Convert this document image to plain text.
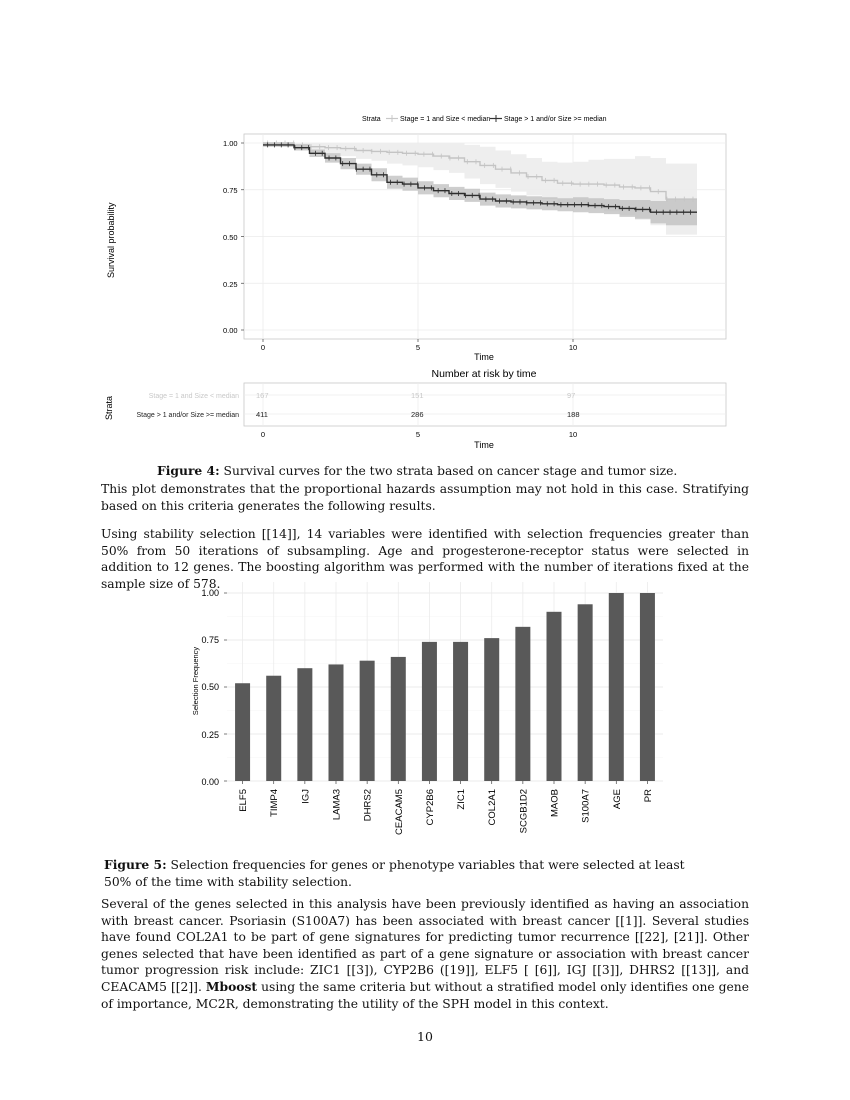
Strata	Stage = 1 and Size < median Stage > 1 and/or Size >= median
1.00
0.75
0.50
0.25
0.00
Survival probability
0	5	10
Time
Number at risk by time
Strata	Stage = 1 and Size < median
Stage > 1 and/or Size >= median
167	151	97
411	286	188
0	5	10
Time
Figure 4: Survival curves for the two strata based on cancer stage and tumor size.
This plot demonstrates that the proportional hazards assumption may not hold in this case. Stratifying based on this criteria generates the following results.
Using stability selection [[14]], 14 variables were identified with selection frequencies greater than 50% from 50 iterations of subsampling. Age and progesterone-receptor status were selected in addition to 12 genes. The boosting algorithm was performed with the number of iterations fixed at the sample size of 578.
ELF5 TIMP4 IGJ LAMA3 DHRS2 CEACAM5 CYP2B6 ZIC1 COL2A1 SCGB1D2 MAOB S100A7 AGE PR
1.00
0.75
0.50
0.25
0.00
Selection Frequency
Figure 5: Selection frequencies for genes or phenotype variables that were selected at least 50% of the time with stability selection.
Several of the genes selected in this analysis have been previously identified as having an association with breast cancer. Psoriasin (S100A7) has been associated with breast cancer [[1]]. Several studies have found COL2A1 to be part of gene signatures for predicting tumor recurrence [[22], [21]]. Other genes selected that have been identified as part of a gene signature or association with breast cancer tumor progression risk include: ZIC1 [[3]), CYP2B6 ([19]], ELF5 [ [6]], IGJ [[3]], DHRS2 [[13]], and CEACAM5 [[2]]. Mboost using the same criteria but without a stratified model only identifies one gene of importance, MC2R, demonstrating the utility of the SPH model in this context.
10
